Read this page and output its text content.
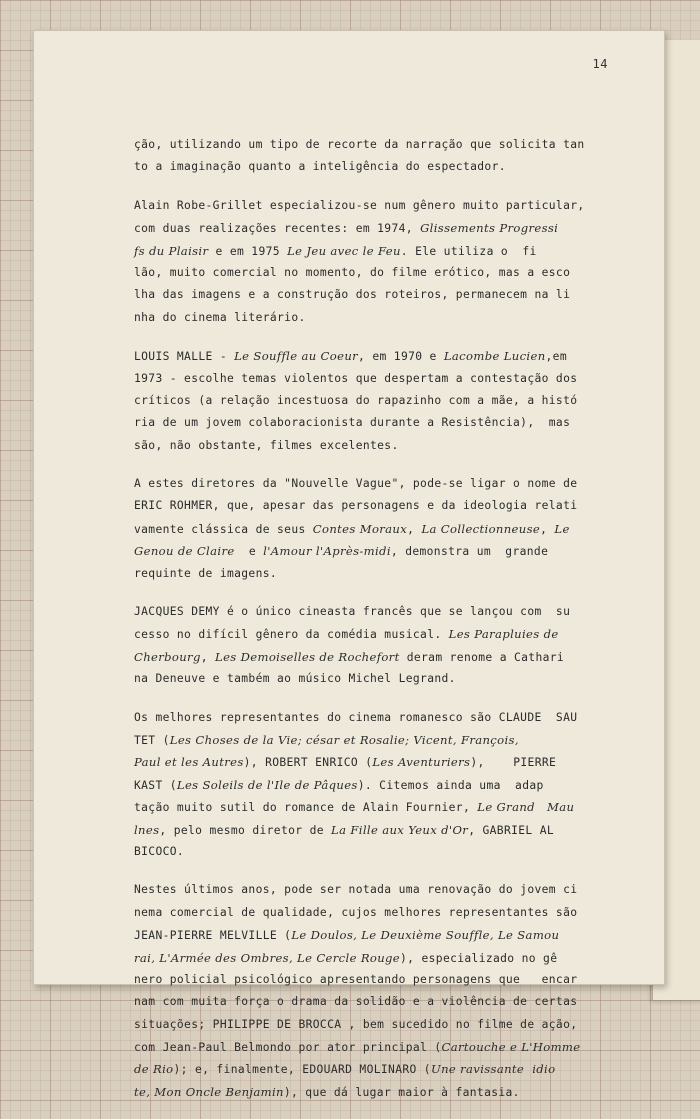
14
ção, utilizando um tipo de recorte da narração que solicita tan
to a imaginação quanto a inteligência do espectador.
Alain Robe-Grillet especializou-se num gênero muito particular,
com duas realizações recentes: em 1974, Glissements Progressi
fs du Plaisir e em 1975 Le Jeu avec le Feu. Ele utiliza o  fi
lão, muito comercial no momento, do filme erótico, mas a esco
lha das imagens e a construção dos roteiros, permanecem na li
nha do cinema literário.
LOUIS MALLE - Le Souffle au Coeur, em 1970 e Lacombe Lucien,em
1973 - escolhe temas violentos que despertam a contestação dos
críticos (a relação incestuosa do rapazinho com a mãe, a histó
ria de um jovem colaboracionista durante a Resistência),  mas
são, não obstante, filmes excelentes.
A estes diretores da "Nouvelle Vague", pode-se ligar o nome de
ERIC ROHMER, que, apesar das personagens e da ideologia relati
vamente clássica de seus Contes Moraux, La Collectionneuse, Le
Genou de Claire  e l'Amour l'Après-midi, demonstra um  grande
requinte de imagens.
JACQUES DEMY é o único cineasta francês que se lançou com  su
cesso no difícil gênero da comédia musical. Les Parapluies de
Cherbourg, Les Demoiselles de Rochefort deram renome a Cathari
na Deneuve e também ao músico Michel Legrand.
Os melhores representantes do cinema romanesco são CLAUDE  SAU
TET (Les Choses de la Vie; césar et Rosalie; Vicent, François,
Paul et les Autres), ROBERT ENRICO (Les Aventuriers),    PIERRE
KAST (Les Soleils de l'Ile de Pâques). Citemos ainda uma  adap
tação muito sutil do romance de Alain Fournier, Le Grand   Mau
lnes, pelo mesmo diretor de La Fille aux Yeux d'Or, GABRIEL AL
BICOCO.
Nestes últimos anos, pode ser notada uma renovação do jovem ci
nema comercial de qualidade, cujos melhores representantes são
JEAN-PIERRE MELVILLE (Le Doulos, Le Deuxième Souffle, Le Samou
rai, L'Armée des Ombres, Le Cercle Rouge), especializado no gê
nero policial psicológico apresentando personagens que   encar
nam com muita força o drama da solidão e a violência de certas
situações; PHILIPPE DE BROCCA , bem sucedido no filme de ação,
com Jean-Paul Belmondo por ator principal (Cartouche e L'Homme
de Rio); e, finalmente, EDOUARD MOLINARO (Une ravissante  idio
te, Mon Oncle Benjamin), que dá lugar maior à fantasia.
